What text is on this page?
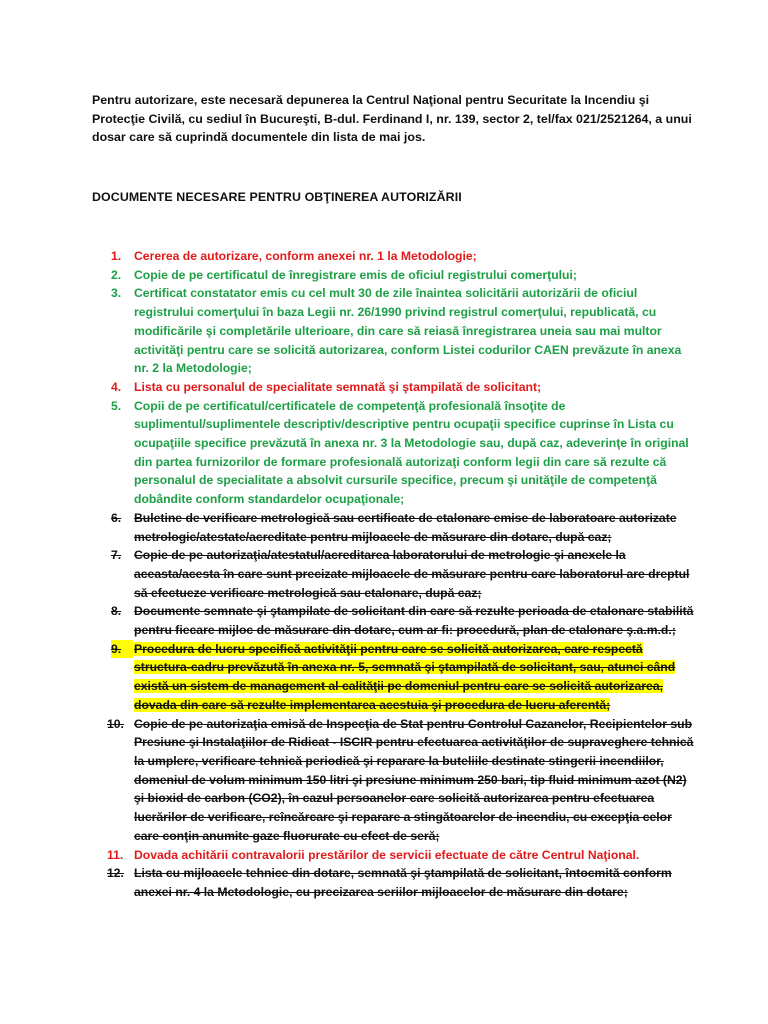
Pentru autorizare, este necesară depunerea la Centrul Naţional pentru Securitate la Incendiu şi Protecţie Civilă, cu sediul în Bucureşti, B-dul. Ferdinand I, nr. 139, sector 2, tel/fax 021/2521264, a unui dosar care să cuprindă documentele din lista de mai jos.

DOCUMENTE NECESARE PENTRU OBŢINEREA AUTORIZĂRII
1.	Cererea de autorizare, conform anexei nr. 1 la Metodologie;
2.	Copie de pe certificatul de înregistrare emis de oficiul registrului comerţului;
3.	Certificat constatator emis cu cel mult 30 de zile înaintea solicitării autorizării de oficiul registrului comerţului în baza Legii nr. 26/1990 privind registrul comerţului, republicată, cu modificările şi completările ulterioare, din care să reiasă înregistrarea uneia sau mai multor activităţi pentru care se solicită autorizarea, conform Listei codurilor CAEN prevăzute în anexa nr. 2 la Metodologie;
4.	Lista cu personalul de specialitate semnată şi ştampilată de solicitant;
5.	Copii de pe certificatul/certificatele de competenţă profesională însoţite de suplimentul/suplimentele descriptiv/descriptive pentru ocupaţii specifice cuprinse în Lista cu ocupaţiile specifice prevăzută în anexa nr. 3 la Metodologie sau, după caz, adeverinţe în original din partea furnizorilor de formare profesională autorizaţi conform legii din care să rezulte că personalul de specialitate a absolvit cursurile specifice, precum şi unităţile de competenţă dobândite conform standardelor ocupaţionale;
6.	Buletine de verificare metrologică sau certificate de etalonare emise de laboratoare autorizate metrologic/atestate/acreditate pentru mijloacele de măsurare din dotare, după caz;
7.	Copie de pe autorizaţia/atestatul/acreditarea laboratorului de metrologie şi anexele la aceasta/acesta în care sunt precizate mijloacele de măsurare pentru care laboratorul are dreptul să efectueze verificare metrologică sau etalonare, după caz;
8.	Documente semnate şi ştampilate de solicitant din care să rezulte perioada de etalonare stabilită pentru fiecare mijloc de măsurare din dotare, cum ar fi: procedură, plan de etalonare ş.a.m.d.;
9.	Procedura de lucru specifică activităţii pentru care se solicită autorizarea, care respectă structura-cadru prevăzută în anexa nr. 5, semnată şi ştampilată de solicitant, sau, atunci când există un sistem de management al calităţii pe domeniul pentru care se solicită autorizarea, dovada din care să rezulte implementarea acestuia şi procedura de lucru aferentă;
10. Copie de pe autorizaţia emisă de Inspecţia de Stat pentru Controlul Cazanelor, Recipientelor sub Presiune şi Instalaţiilor de Ridicat - ISCIR pentru efectuarea activităţilor de supraveghere tehnică la umplere, verificare tehnică periodică şi reparare la buteliile destinate stingerii incendiilor, domeniul de volum minimum 150 litri şi presiune minimum 250 bari, tip fluid minimum azot (N2) şi bioxid de carbon (CO2), în cazul persoanelor care solicită autorizarea pentru efectuarea lucrărilor de verificare, reîncărcare şi reparare a stingătoarelor de incendiu, cu excepţia celor care conţin anumite gaze fluorurate cu efect de seră;
11. Dovada achitării contravalorii prestărilor de servicii efectuate de către Centrul Naţional.
12. Lista cu mijloacele tehnice din dotare, semnată şi ştampilată de solicitant, întocmită conform anexei nr. 4 la Metodologie, cu precizarea seriilor mijloacelor de măsurare din dotare;
